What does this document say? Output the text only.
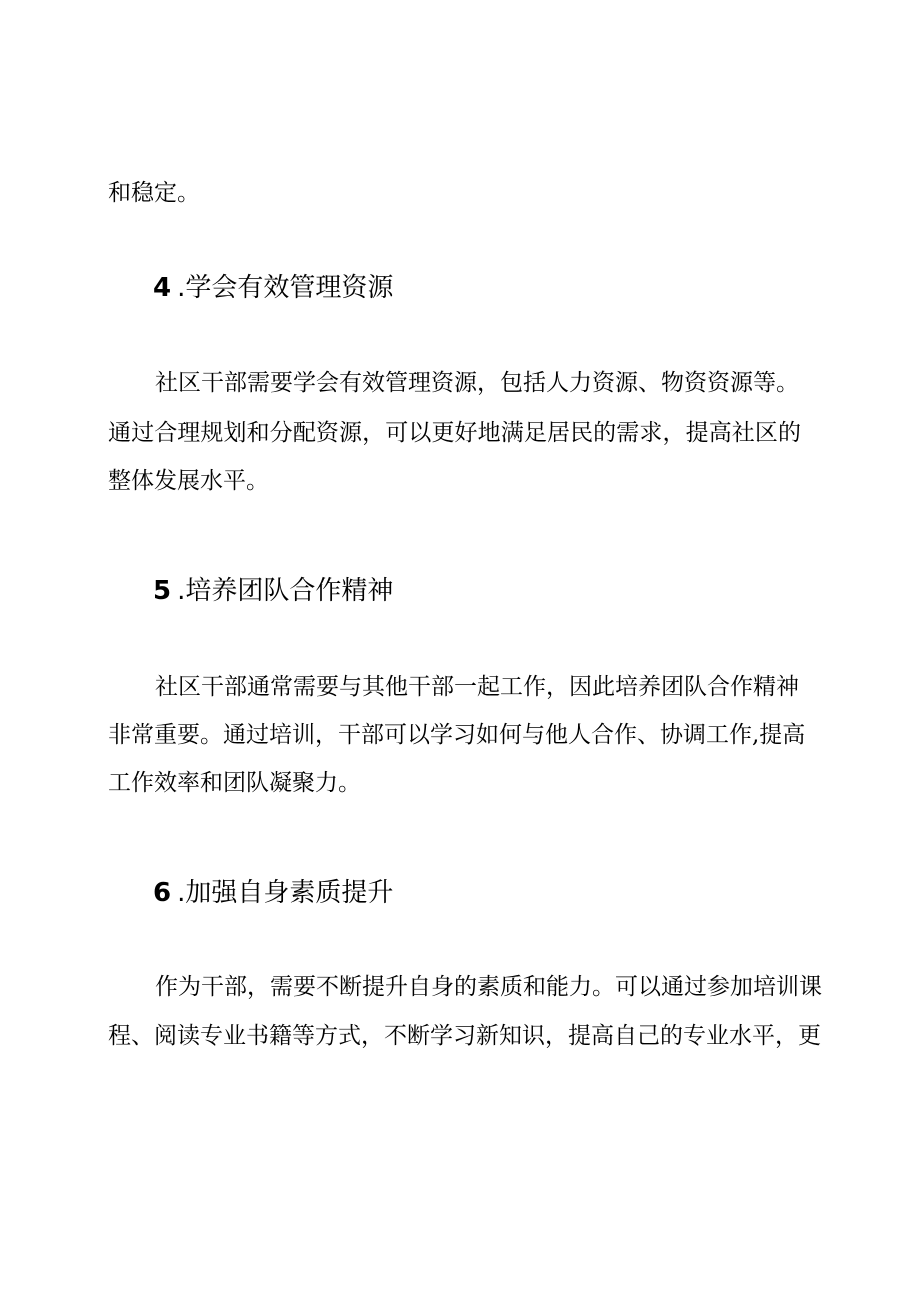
和稳定。
4 .学会有效管理资源
社区干部需要学会有效管理资源，包括人力资源、物资资源等。
通过合理规划和分配资源，可以更好地满足居民的需求，提高社区的
整体发展水平。
5 .培养团队合作精神
社区干部通常需要与其他干部一起工作，因此培养团队合作精神
非常重要。通过培训，干部可以学习如何与他人合作、协调工作,提高
工作效率和团队凝聚力。
6 .加强自身素质提升
作为干部，需要不断提升自身的素质和能力。可以通过参加培训课
程、阅读专业书籍等方式，不断学习新知识，提高自己的专业水平，更
